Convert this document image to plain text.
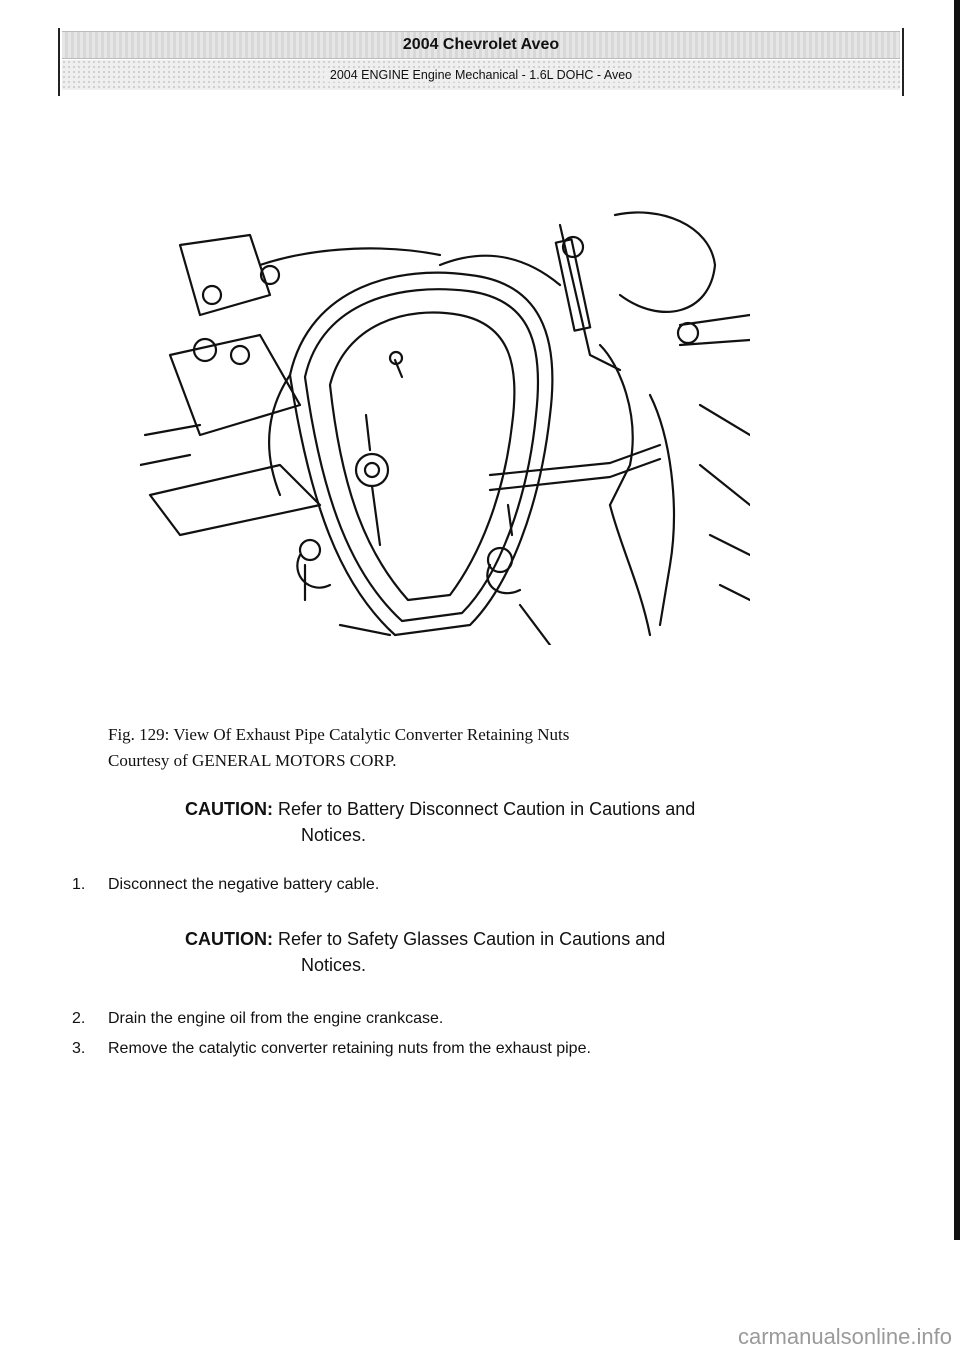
2004 Chevrolet Aveo
2004 ENGINE Engine Mechanical - 1.6L DOHC - Aveo
Fig. 129: View Of Exhaust Pipe Catalytic Converter Retaining Nuts
Courtesy of GENERAL MOTORS CORP.
CAUTION: Refer to Battery Disconnect Caution in Cautions and
Notices.
1.	Disconnect the negative battery cable.
CAUTION: Refer to Safety Glasses Caution in Cautions and
Notices.
2.	Drain the engine oil from the engine crankcase.
3.	Remove the catalytic converter retaining nuts from the exhaust pipe.
carmanualsonline.info
